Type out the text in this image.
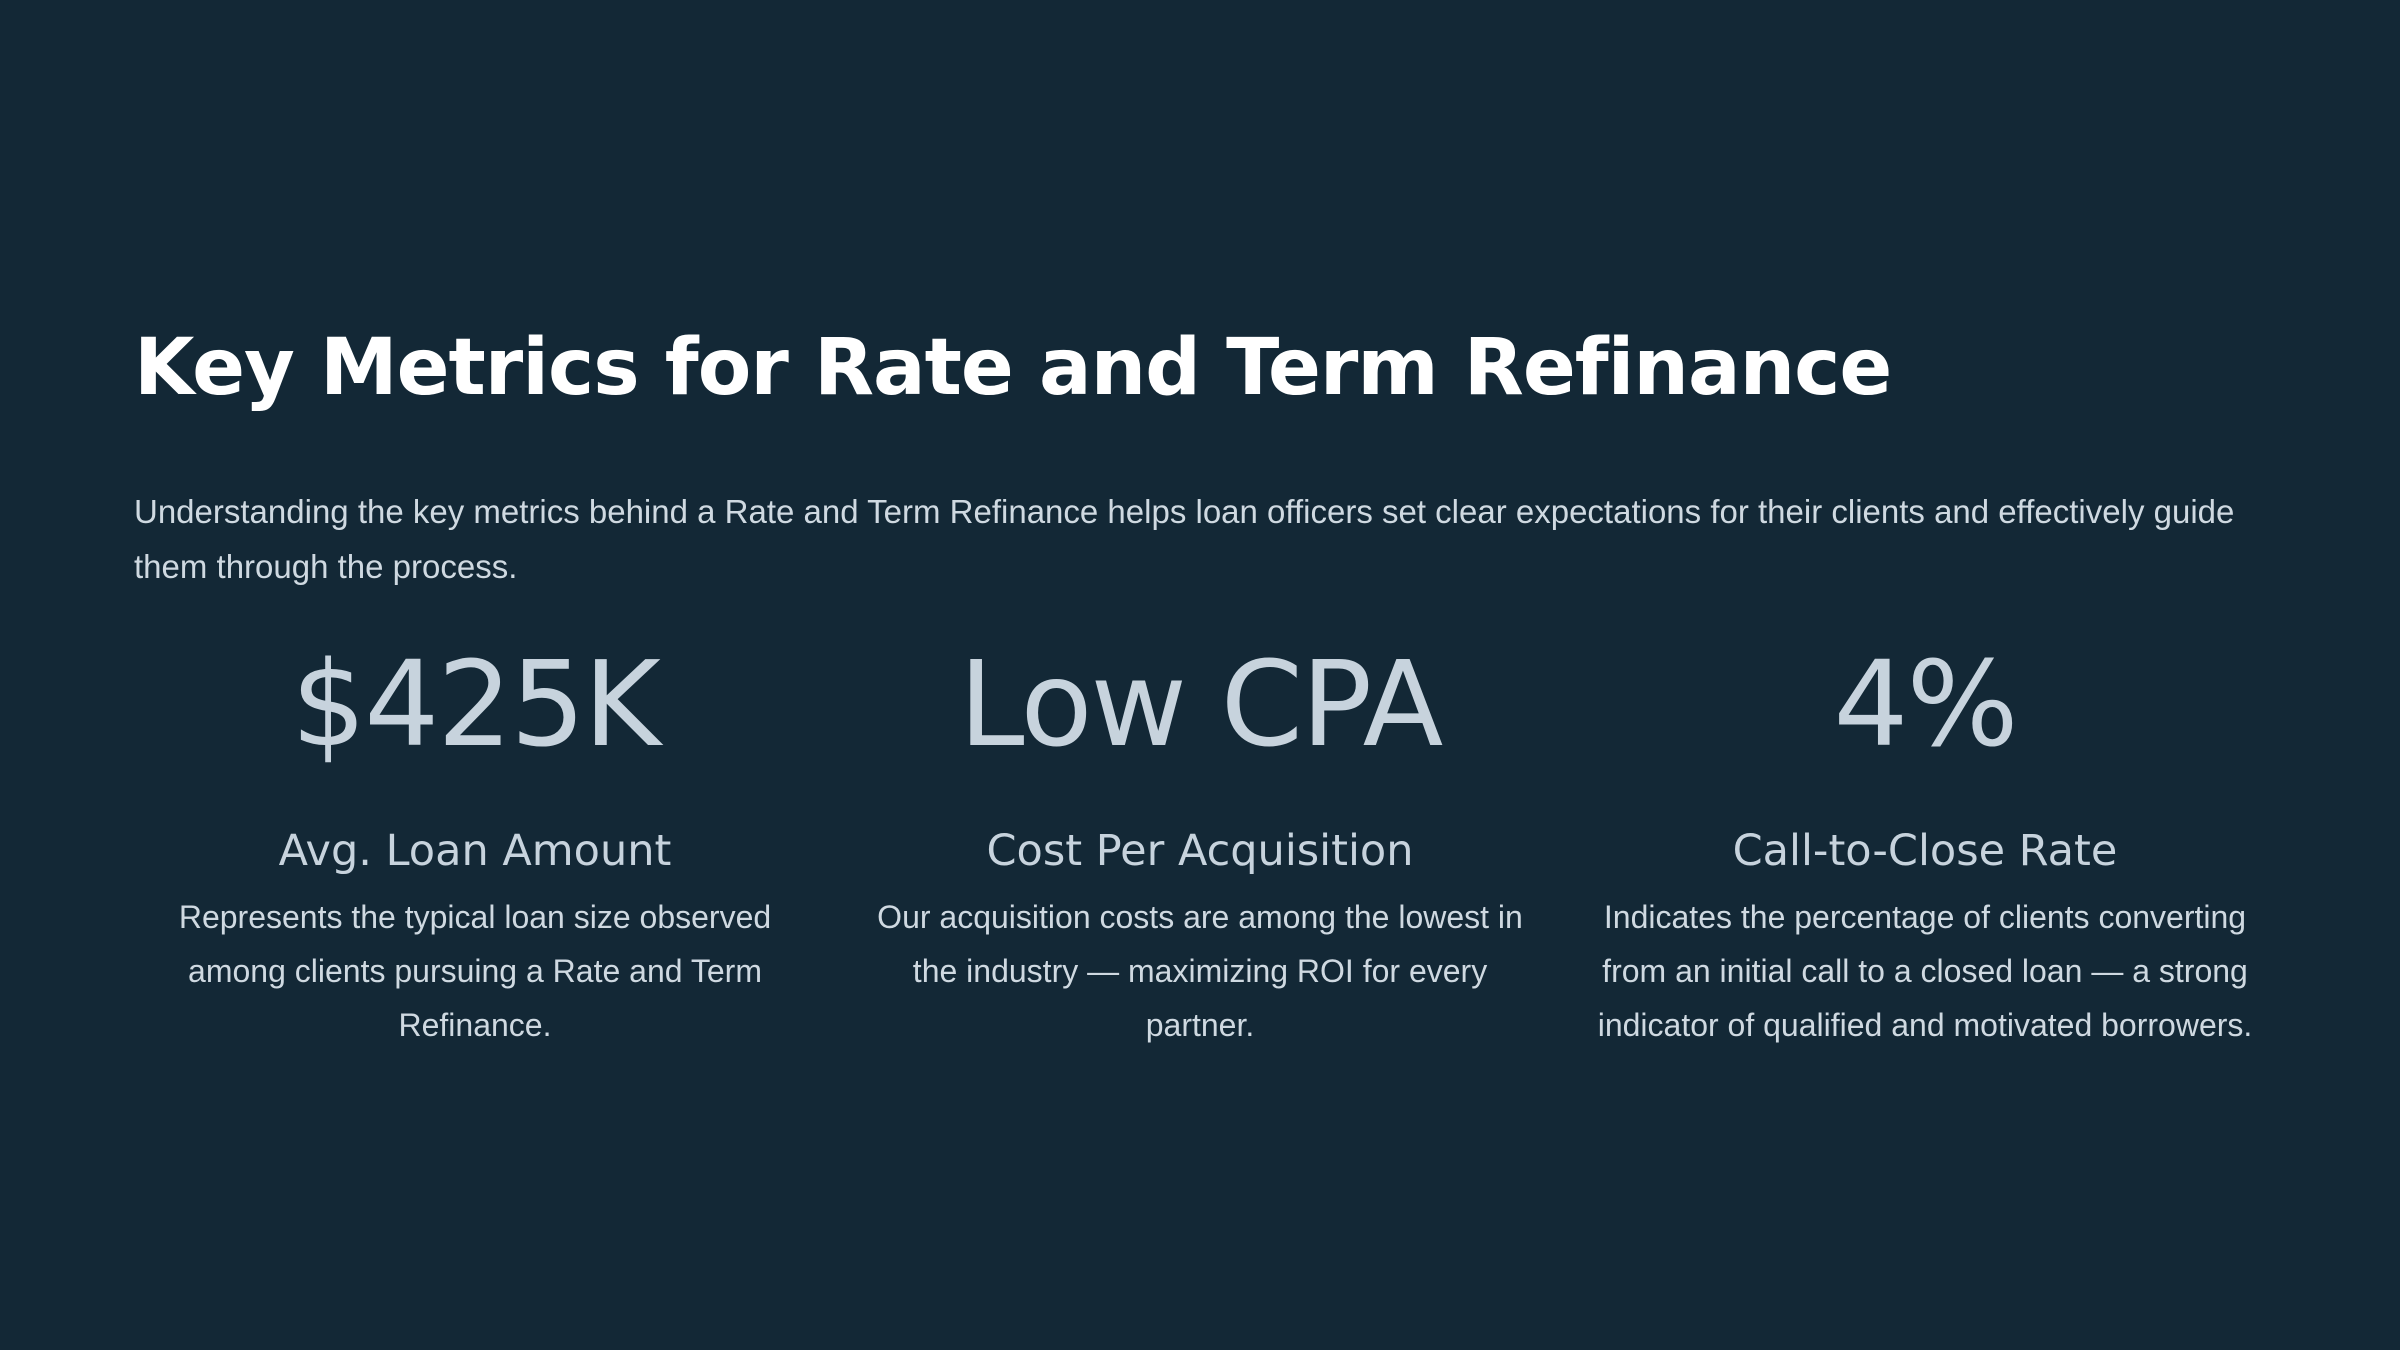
Key Metrics for Rate and Term Refinance

Understanding the key metrics behind a Rate and Term Refinance helps loan officers set clear expectations for their clients and effectively guide them through the process.

$425K
Avg. Loan Amount
Represents the typical loan size observed among clients pursuing a Rate and Term Refinance.
Low CPA
Cost Per Acquisition
Our acquisition costs are among the lowest in the industry — maximizing ROI for every partner.
4%
Call-to-Close Rate
Indicates the percentage of clients converting from an initial call to a closed loan — a strong indicator of qualified and motivated borrowers.
